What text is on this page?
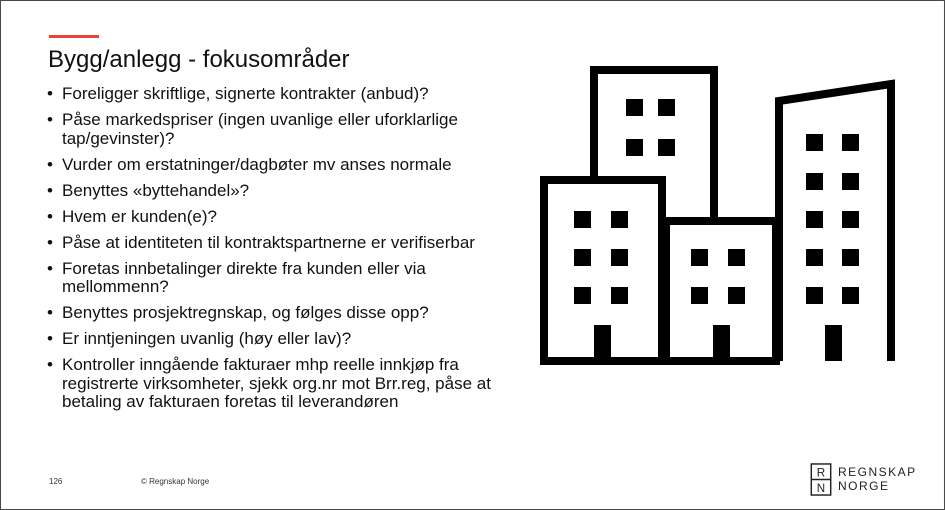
Bygg/anlegg - fokusområder
• Foreligger skriftlige, signerte kontrakter (anbud)?
• Påse markedspriser (ingen uvanlige eller uforklarlige tap/gevinster)?
• Vurder om erstatninger/dagbøter mv anses normale
• Benyttes «byttehandel»?
• Hvem er kunden(e)?
• Påse at identiteten til kontraktspartnerne er verifiserbar
• Foretas innbetalinger direkte fra kunden eller via mellommenn?
• Benyttes prosjektregnskap, og følges disse opp?
• Er inntjeningen uvanlig (høy eller lav)?
• Kontroller inngående fakturaer mhp reelle innkjøp fra registrerte virksomheter, sjekk org.nr mot Brr.reg, påse at betaling av fakturaen foretas til leverandøren
126	© Regnskap Norge
R
N
REGNSKAP
NORGE
